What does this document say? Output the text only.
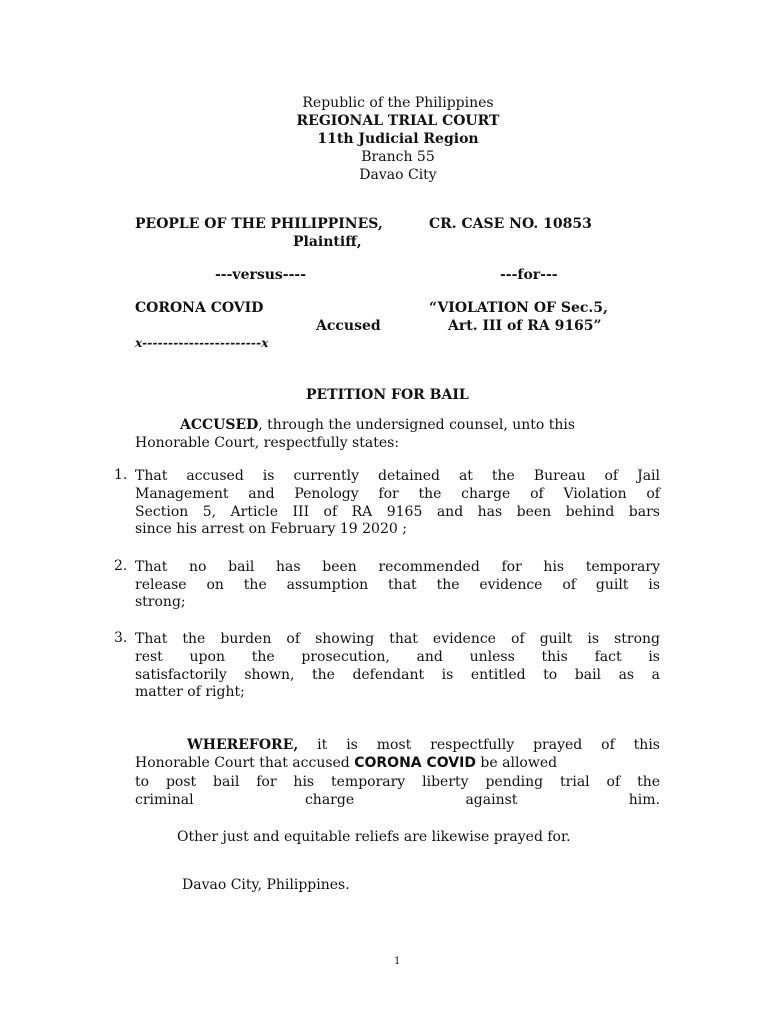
Republic of the Philippines
REGIONAL TRIAL COURT
11th Judicial Region
Branch 55
Davao City
PEOPLE OF THE PHILIPPINES,	CR. CASE NO. 10853
Plaintiff,
---versus----	---for---
CORONA COVID	“VIOLATION OF Sec.5,
Accused	Art. III of RA 9165”
x-----------------------x
PETITION FOR BAIL
ACCUSED, through the undersigned counsel, unto this
Honorable Court, respectfully states:
1. That accused is currently detained at the Bureau of Jail
Management and Penology for the charge of Violation of
Section 5, Article III of RA 9165 and has been behind bars
since his arrest on February 19 2020 ;
2. That no bail has been recommended for his temporary
release on the assumption that the evidence of guilt is
strong;
3. That the burden of showing that evidence of guilt is strong
rest upon the prosecution, and unless this fact is
satisfactorily shown, the defendant is entitled to bail as a
matter of right;
WHEREFORE, it is most respectfully prayed of this
Honorable Court that accused CORONA COVID be allowed
to post bail for his temporary liberty pending trial of the
criminal charge against him.
Other just and equitable reliefs are likewise prayed for.
Davao City, Philippines.
1
